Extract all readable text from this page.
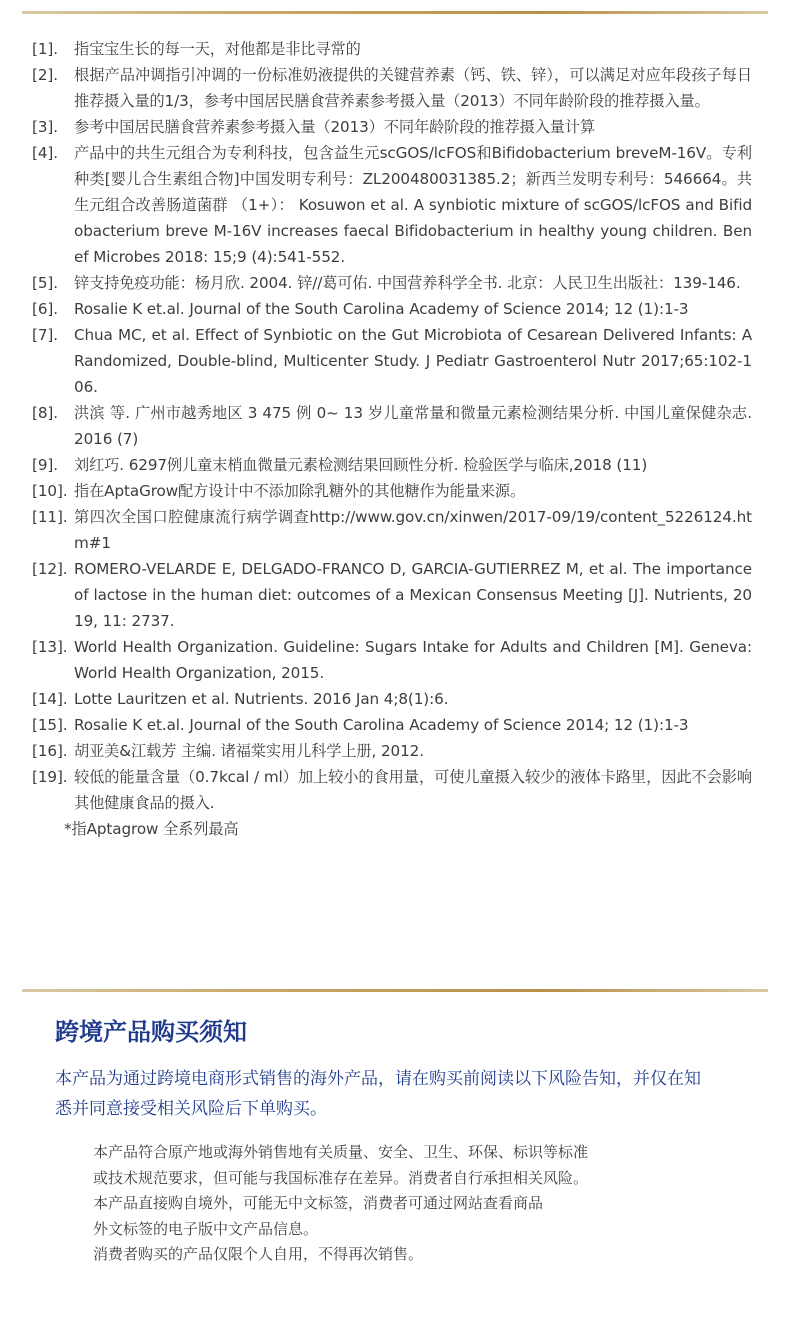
[1].	指宝宝生长的每一天，对他都是非比寻常的
[2].	根据产品冲调指引冲调的一份标准奶液提供的关键营养素（钙、铁、锌），可以满足对应年段孩子每日推荐摄入量的1/3，参考中国居民膳食营养素参考摄入量（2013）不同年龄阶段的推荐摄入量。
[3].	参考中国居民膳食营养素参考摄入量（2013）不同年龄阶段的推荐摄入量计算
[4].	产品中的共生元组合为专利科技，包含益生元scGOS/lcFOS和Bifidobacterium breveM-16V。专利种类[婴儿合生素组合物]中国发明专利号：ZL200480031385.2；新西兰发明专利号：546664。共生元组合改善肠道菌群 （1+）： Kosuwon et al. A synbiotic mixture of scGOS/lcFOS and Bifidobacterium breve M-16V increases faecal Bifidobacterium in healthy young children. Benef Microbes 2018: 15;9 (4):541-552.
[5].	锌支持免疫功能：杨月欣. 2004. 锌//葛可佑. 中国营养科学全书. 北京：人民卫生出版社：139-146.
[6].	Rosalie K et.al. Journal of the South Carolina Academy of Science 2014; 12 (1):1-3
[7].	Chua MC, et al. Effect of Synbiotic on the Gut Microbiota of Cesarean Delivered Infants: A Randomized, Double-blind, Multicenter Study. J Pediatr Gastroenterol Nutr 2017;65:102-106.
[8].	洪滨 等. 广州市越秀地区 3 475 例 0~ 13 岁儿童常量和微量元素检测结果分析. 中国儿童保健杂志. 2016 (7)
[9].	刘红巧. 6297例儿童末梢血微量元素检测结果回顾性分析. 检验医学与临床,2018 (11)
[10]. 指在AptaGrow配方设计中不添加除乳糖外的其他糖作为能量来源。
[11]. 第四次全国口腔健康流行病学调查http://www.gov.cn/xinwen/2017-09/19/content_5226124.htm#1
[12]. ROMERO-VELARDE E, DELGADO-FRANCO D, GARCIA-GUTIERREZ M, et al. The importance of lactose in the human diet: outcomes of a Mexican Consensus Meeting [J]. Nutrients, 2019, 11: 2737.
[13]. World Health Organization. Guideline: Sugars Intake for Adults and Children [M]. Geneva: World Health Organization, 2015.
[14]. Lotte Lauritzen et al. Nutrients. 2016 Jan 4;8(1):6.
[15]. Rosalie K et.al. Journal of the South Carolina Academy of Science 2014; 12 (1):1-3
[16]. 胡亚美&江载芳 主编. 诸福棠实用儿科学上册, 2012.
[19]. 较低的能量含量（0.7kcal / ml）加上较小的食用量，可使儿童摄入较少的液体卡路里，因此不会影响其他健康食品的摄入.
*指Aptagrow 全系列最高
跨境产品购买须知
本产品为通过跨境电商形式销售的海外产品，请在购买前阅读以下风险告知，并仅在知悉并同意接受相关风险后下单购买。
本产品符合原产地或海外销售地有关质量、安全、卫生、环保、标识等标准
或技术规范要求，但可能与我国标准存在差异。消费者自行承担相关风险。
本产品直接购自境外，可能无中文标签，消费者可通过网站查看商品
外文标签的电子版中文产品信息。
消费者购买的产品仅限个人自用，不得再次销售。
